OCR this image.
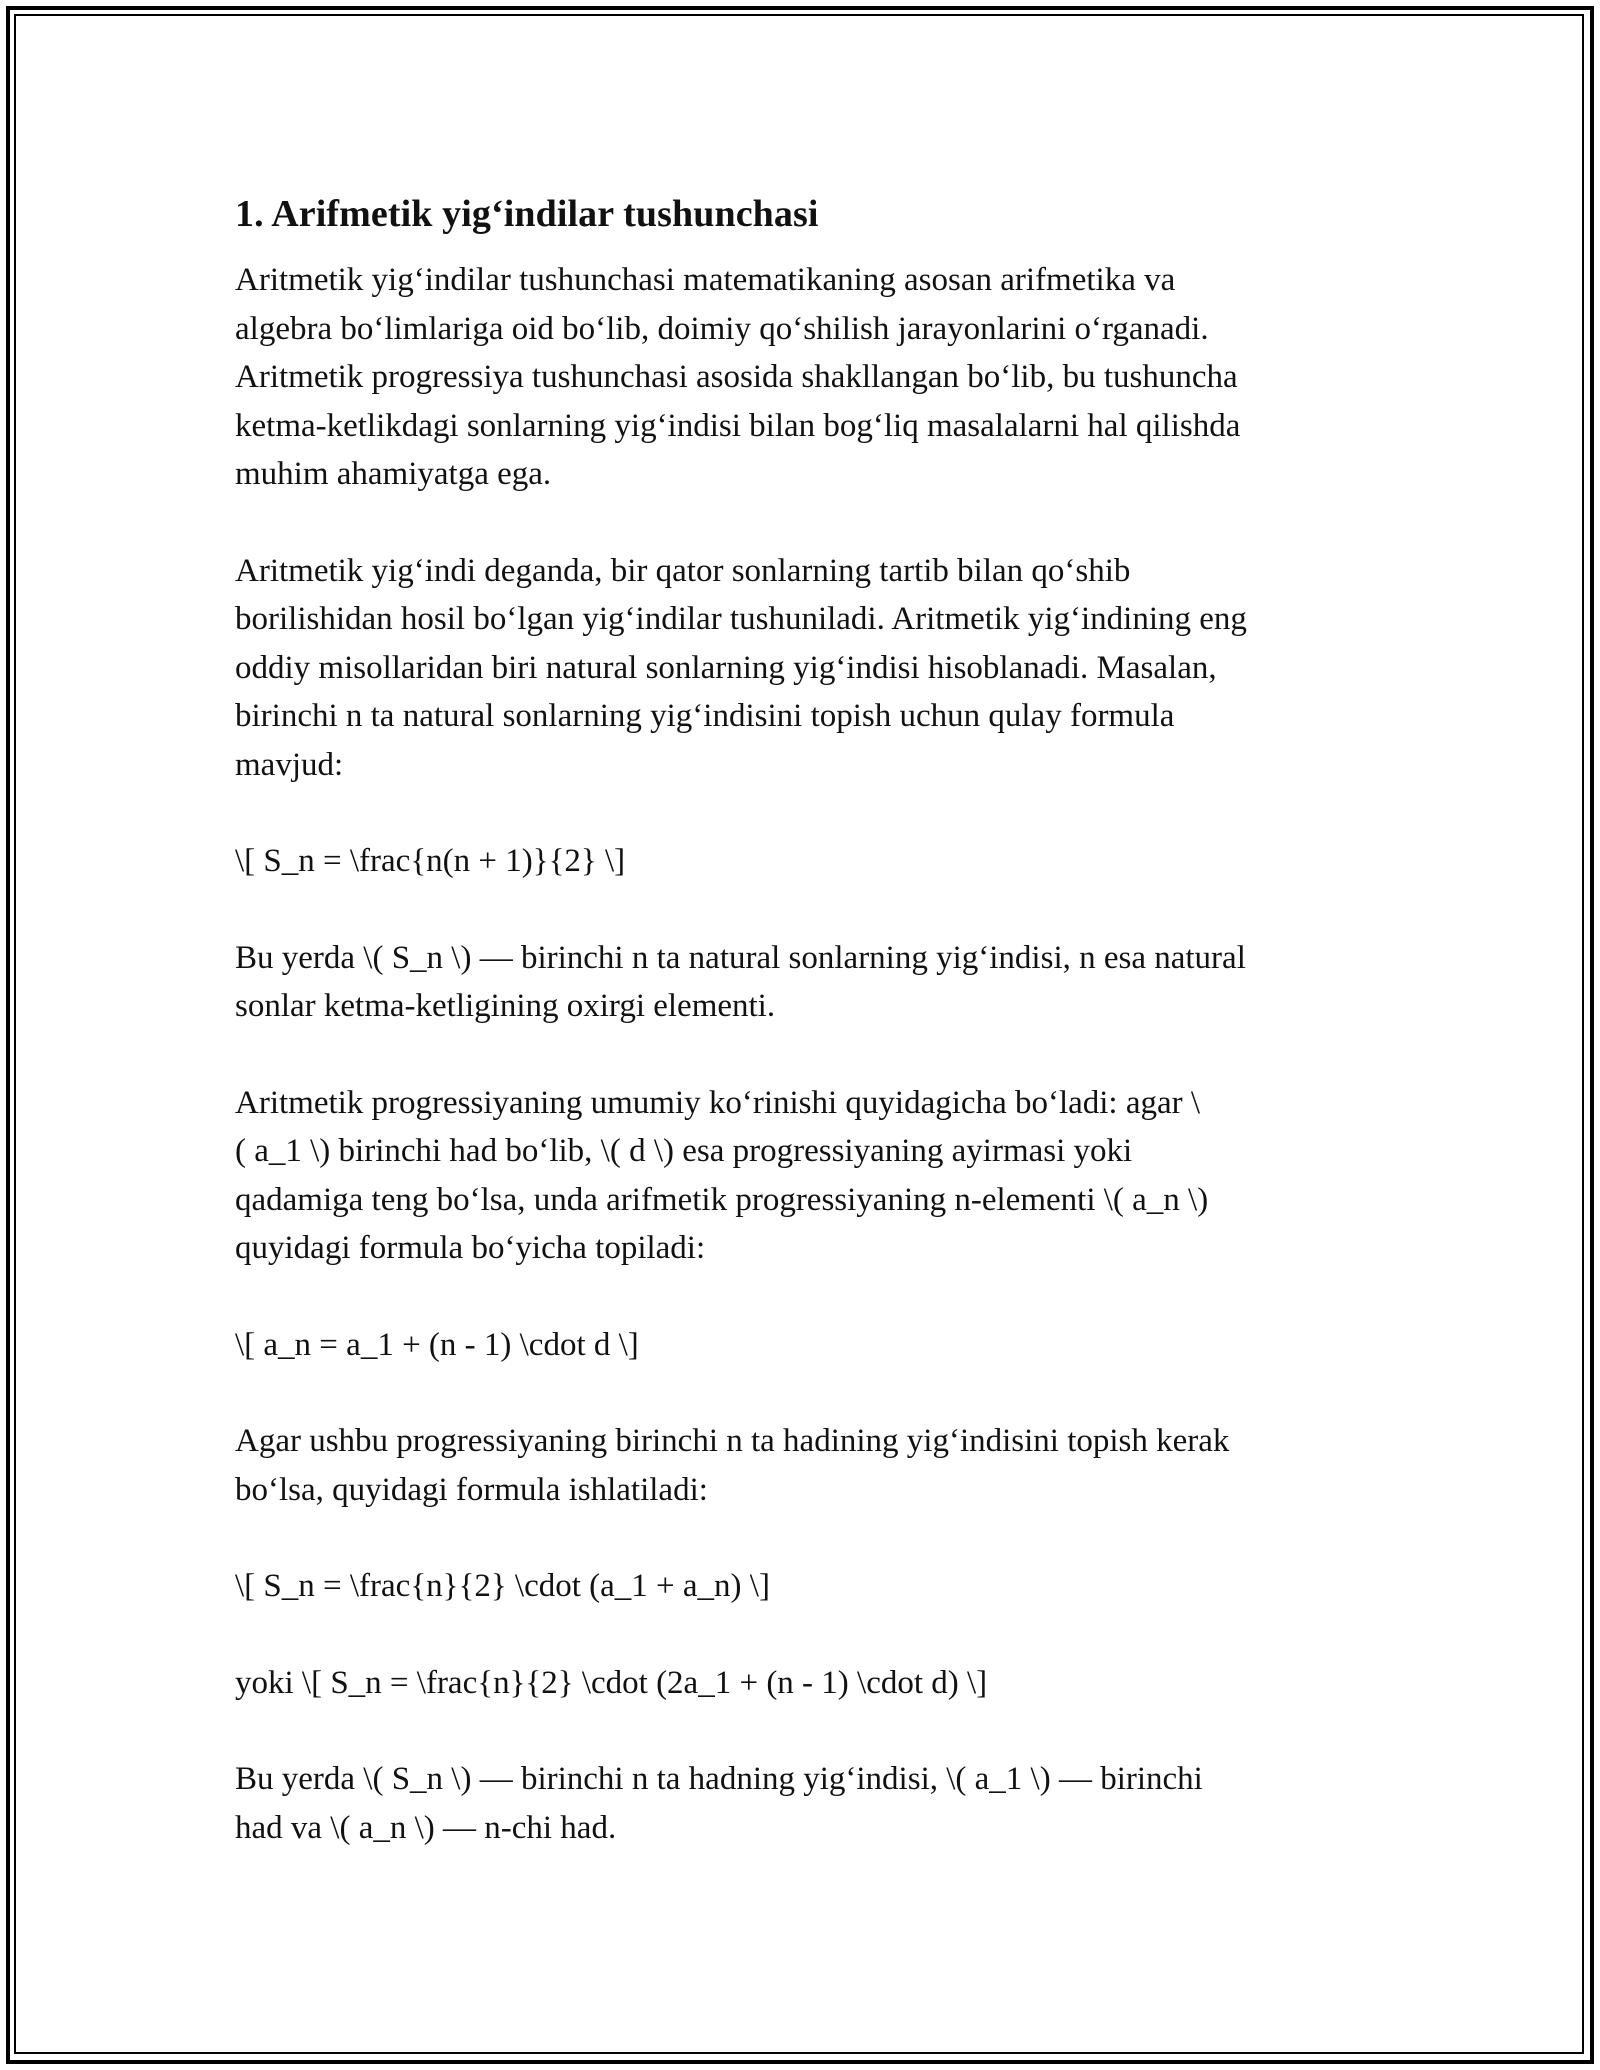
1. Arifmetik yig‘indilar tushunchasi
Aritmetik yig‘indilar tushunchasi matematikaning asosan arifmetika va
algebra bo‘limlariga oid bo‘lib, doimiy qo‘shilish jarayonlarini o‘rganadi.
Aritmetik progressiya tushunchasi asosida shakllangan bo‘lib, bu tushuncha
ketma-ketlikdagi sonlarning yig‘indisi bilan bog‘liq masalalarni hal qilishda
muhim ahamiyatga ega.
Aritmetik yig‘indi deganda, bir qator sonlarning tartib bilan qo‘shib
borilishidan hosil bo‘lgan yig‘indilar tushuniladi. Aritmetik yig‘indining eng
oddiy misollaridan biri natural sonlarning yig‘indisi hisoblanadi. Masalan,
birinchi n ta natural sonlarning yig‘indisini topish uchun qulay formula
mavjud:
\[ S_n = \frac{n(n + 1)}{2} \]
Bu yerda \( S_n \) — birinchi n ta natural sonlarning yig‘indisi, n esa natural
sonlar ketma-ketligining oxirgi elementi.
Aritmetik progressiyaning umumiy ko‘rinishi quyidagicha bo‘ladi: agar \
( a_1 \) birinchi had bo‘lib, \( d \) esa progressiyaning ayirmasi yoki
qadamiga teng bo‘lsa, unda arifmetik progressiyaning n-elementi \( a_n \)
quyidagi formula bo‘yicha topiladi:
\[ a_n = a_1 + (n - 1) \cdot d \]
Agar ushbu progressiyaning birinchi n ta hadining yig‘indisini topish kerak
bo‘lsa, quyidagi formula ishlatiladi:
\[ S_n = \frac{n}{2} \cdot (a_1 + a_n) \]
yoki \[ S_n = \frac{n}{2} \cdot (2a_1 + (n - 1) \cdot d) \]
Bu yerda \( S_n \) — birinchi n ta hadning yig‘indisi, \( a_1 \) — birinchi
had va \( a_n \) — n-chi had.
